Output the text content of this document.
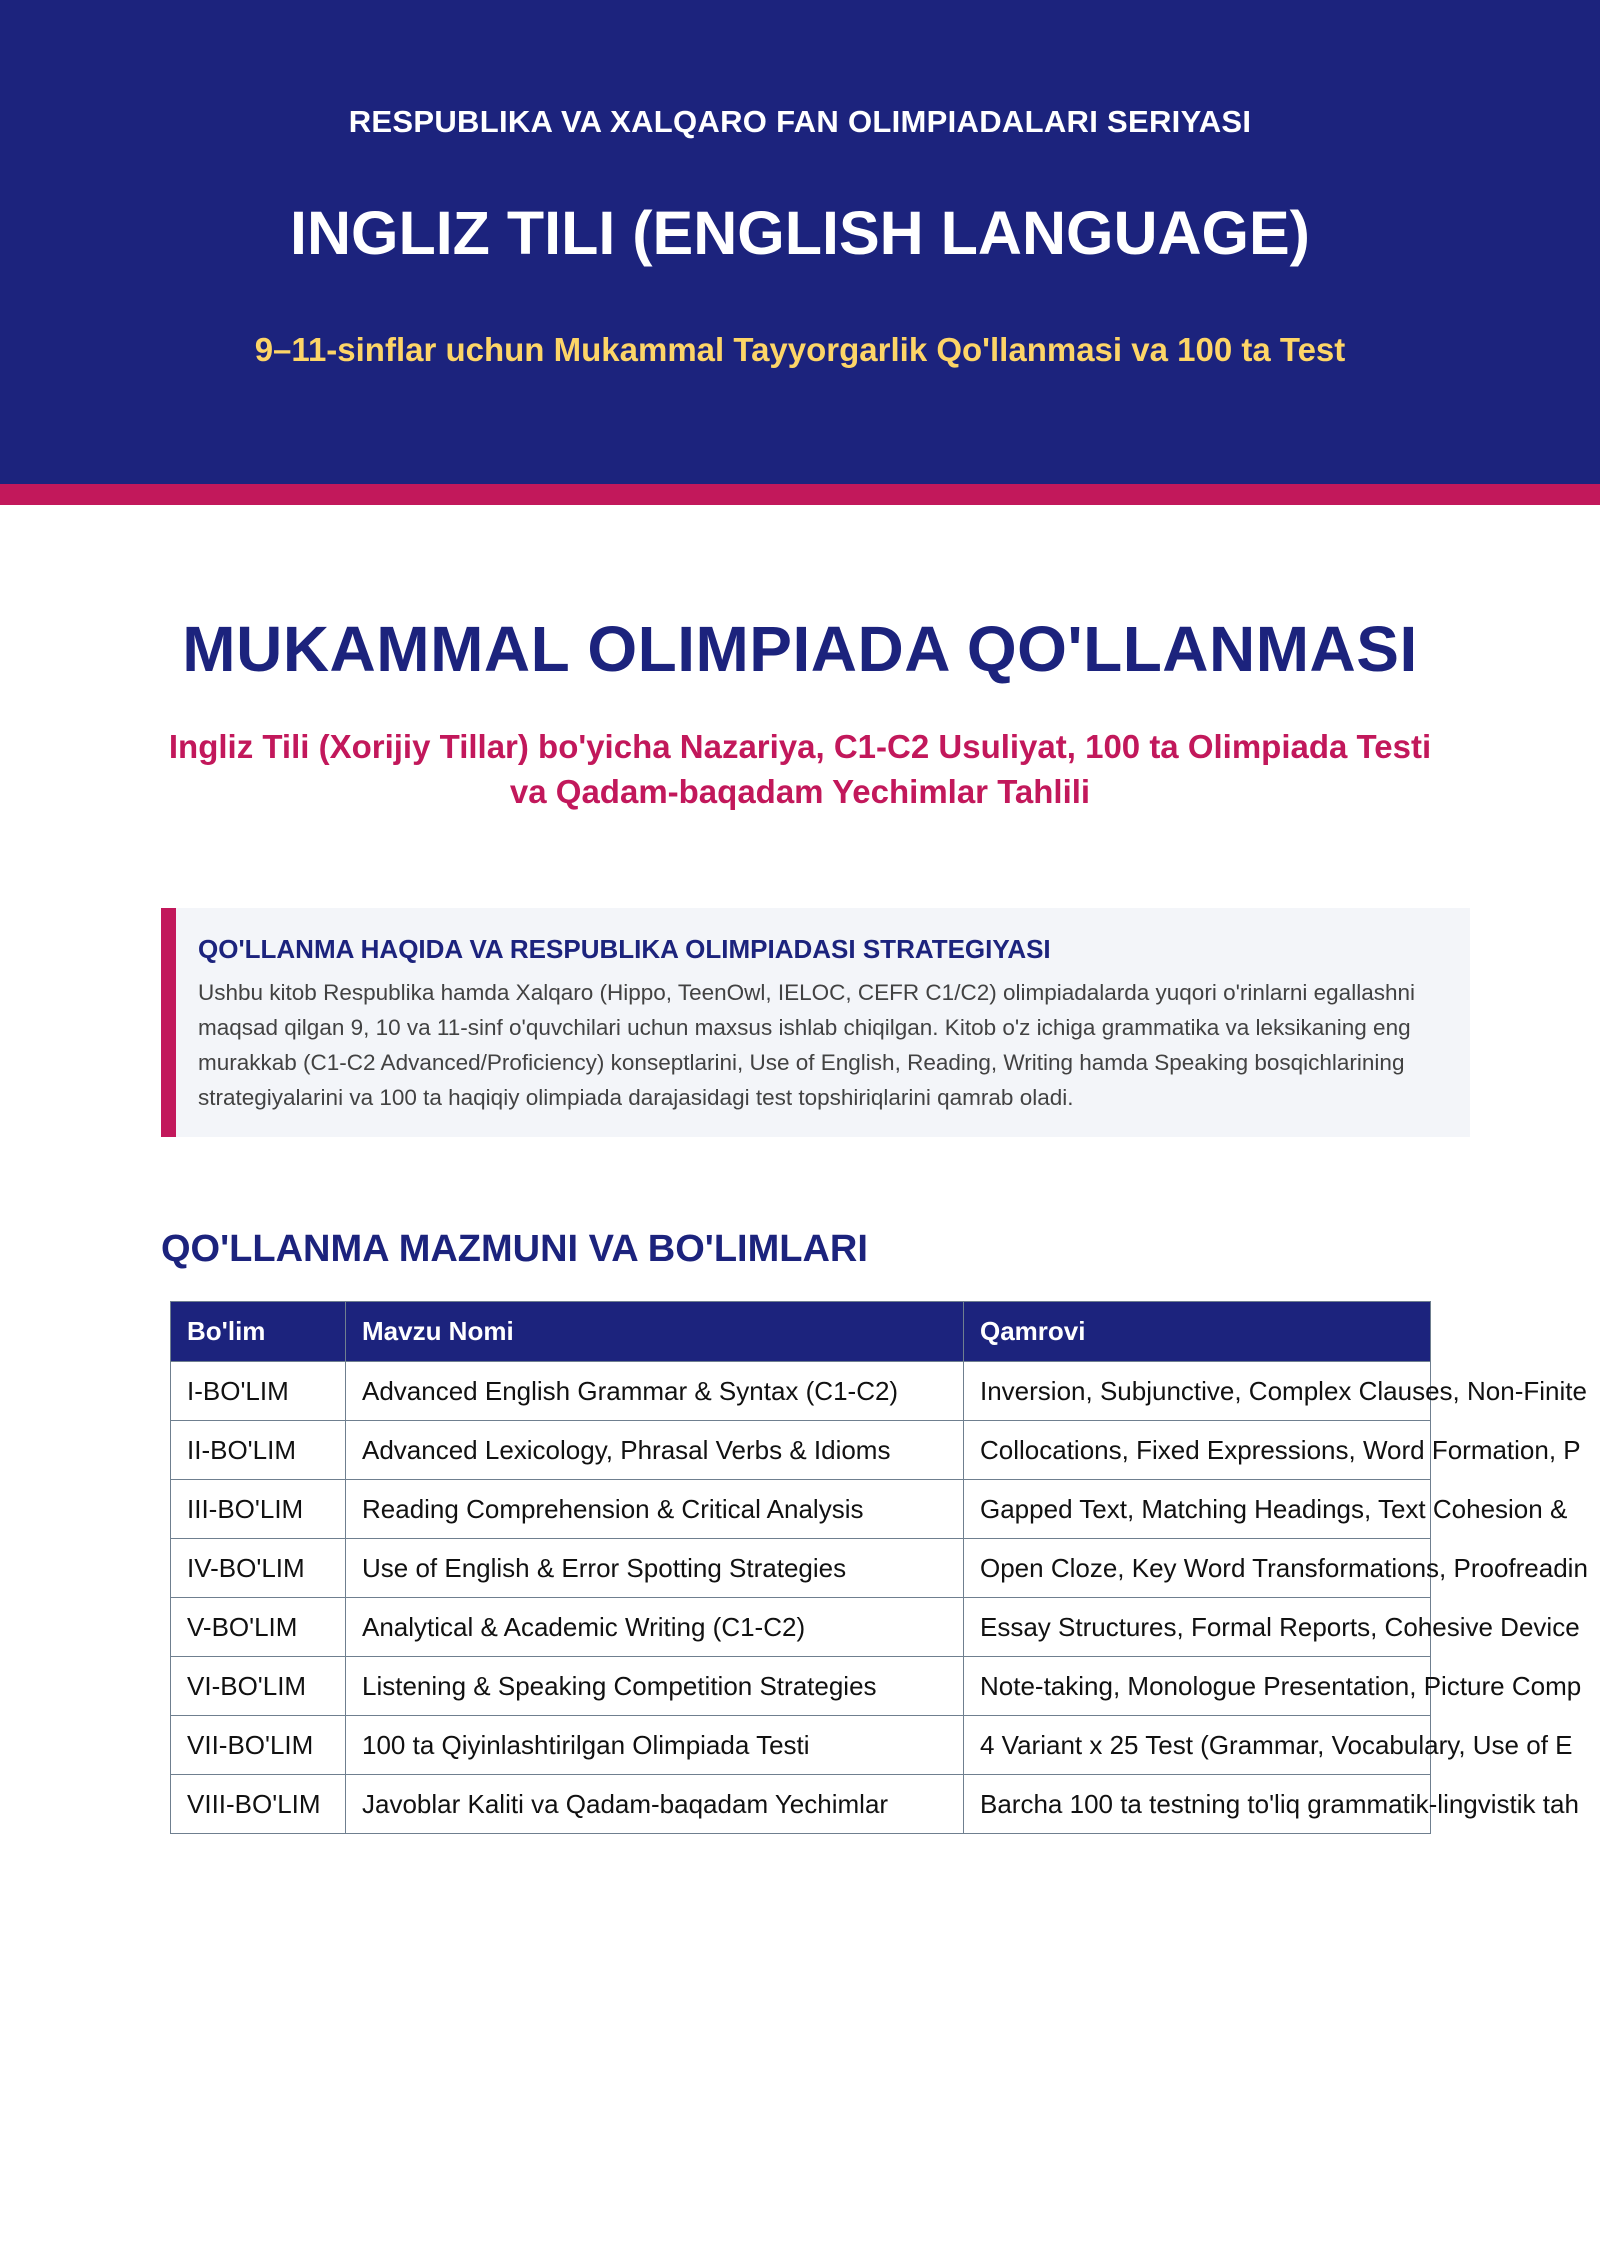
RESPUBLIKA VA XALQARO FAN OLIMPIADALARI SERIYASI
INGLIZ TILI (ENGLISH LANGUAGE)
9–11-sinflar uchun Mukammal Tayyorgarlik Qo'llanmasi va 100 ta Test
MUKAMMAL OLIMPIADA QO'LLANMASI
Ingliz Tili (Xorijiy Tillar) bo'yicha Nazariya, C1-C2 Usuliyat, 100 ta Olimpiada Testi va Qadam-baqadam Yechimlar Tahlili
QO'LLANMA HAQIDA VA RESPUBLIKA OLIMPIADASI STRATEGIYASI
Ushbu kitob Respublika hamda Xalqaro (Hippo, TeenOwl, IELOC, CEFR C1/C2) olimpiadalarda yuqori o'rinlarni egallashni maqsad qilgan 9, 10 va 11-sinf o'quvchilari uchun maxsus ishlab chiqilgan. Kitob o'z ichiga grammatika va leksikaning eng murakkab (C1-C2 Advanced/Proficiency) konseptlarini, Use of English, Reading, Writing hamda Speaking bosqichlarining strategiyalarini va 100 ta haqiqiy olimpiada darajasidagi test topshiriqlarini qamrab oladi.
QO'LLANMA MAZMUNI VA BO'LIMLARI
Bo'lim	Mavzu Nomi	Qamrovi
I-BO'LIM	Advanced English Grammar & Syntax (C1-C2)	Inversion, Subjunctive, Complex Clauses, Non-Finite
II-BO'LIM	Advanced Lexicology, Phrasal Verbs & Idioms	Collocations, Fixed Expressions, Word Formation, P
III-BO'LIM	Reading Comprehension & Critical Analysis	Gapped Text, Matching Headings, Text Cohesion &
IV-BO'LIM	Use of English & Error Spotting Strategies	Open Cloze, Key Word Transformations, Proofreadin
V-BO'LIM	Analytical & Academic Writing (C1-C2)	Essay Structures, Formal Reports, Cohesive Device
VI-BO'LIM	Listening & Speaking Competition Strategies	Note-taking, Monologue Presentation, Picture Comp
VII-BO'LIM	100 ta Qiyinlashtirilgan Olimpiada Testi	4 Variant x 25 Test (Grammar, Vocabulary, Use of E
VIII-BO'LIM	Javoblar Kaliti va Qadam-baqadam Yechimlar	Barcha 100 ta testning to'liq grammatik-lingvistik tah
